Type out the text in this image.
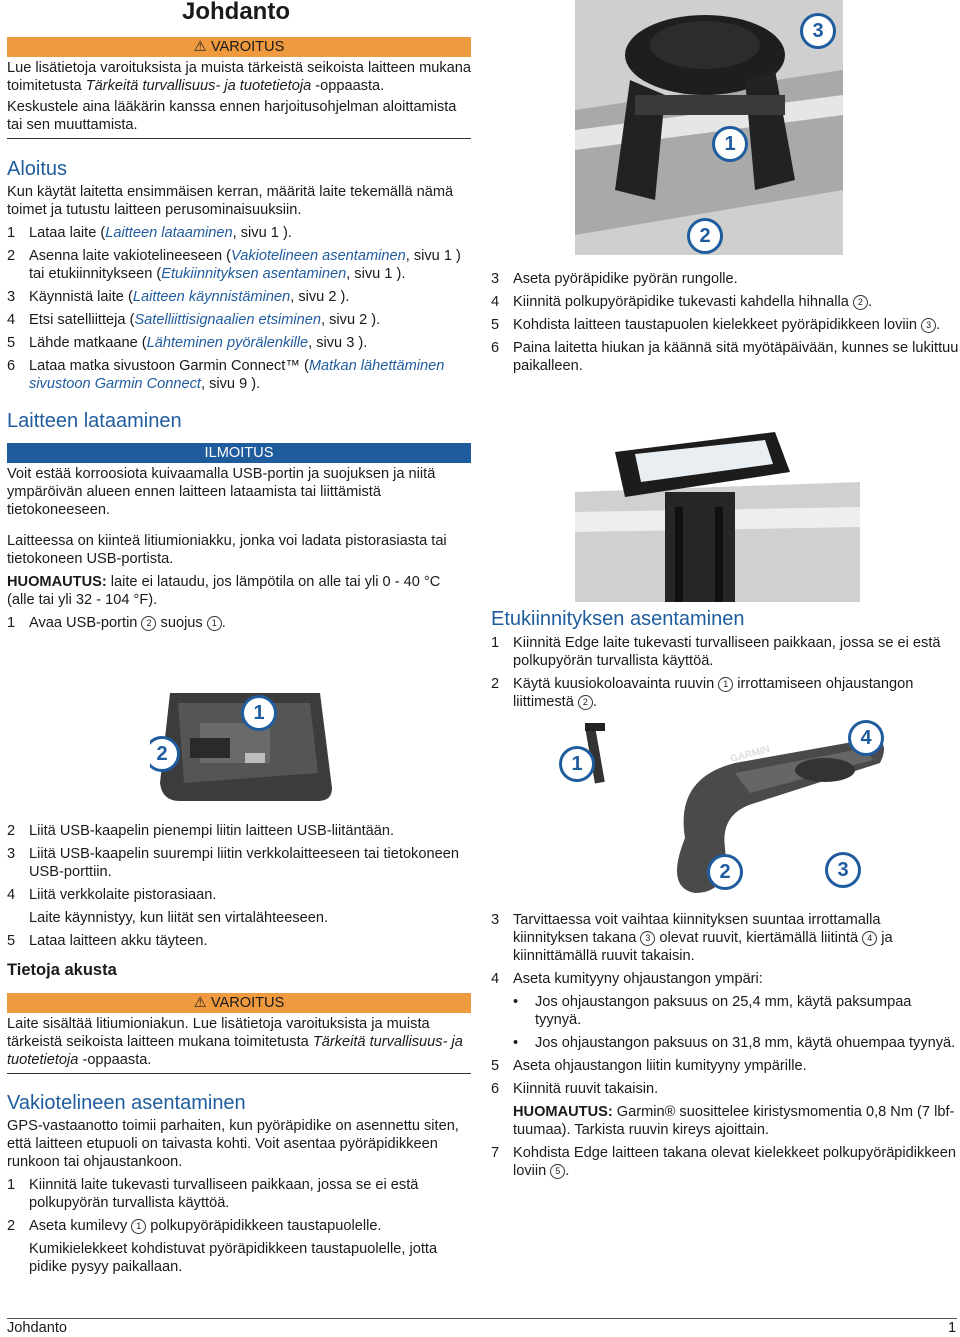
Johdanto
⚠ VAROITUS
Lue lisätietoja varoituksista ja muista tärkeistä seikoista laitteen mukana toimitetusta Tärkeitä turvallisuus- ja tuotetietoja -oppaasta.
Keskustele aina lääkärin kanssa ennen harjoitusohjelman aloittamista tai sen muuttamista.
Aloitus
Kun käytät laitetta ensimmäisen kerran, määritä laite tekemällä nämä toimet ja tutustu laitteen perusominaisuuksiin.
1 Lataa laite (Laitteen lataaminen, sivu 1 ).
2 Asenna laite vakiotelineeseen (Vakiotelineen asentaminen, sivu 1 ) tai etukiinnitykseen (Etukiinnityksen asentaminen, sivu 1 ).
3 Käynnistä laite (Laitteen käynnistäminen, sivu 2 ).
4 Etsi satelliitteja (Satelliittisignaalien etsiminen, sivu 2 ).
5 Lähde matkaane (Lähteminen pyörälenkille, sivu 3 ).
6 Lataa matka sivustoon Garmin Connect™ (Matkan lähettäminen sivustoon Garmin Connect, sivu 9 ).
Laitteen lataaminen
ILMOITUS
Voit estää korroosiota kuivaamalla USB-portin ja suojuksen ja niitä ympäröivän alueen ennen laitteen lataamista tai liittämistä tietokoneeseen.
Laitteessa on kiinteä litiumioniakku, jonka voi ladata pistorasiasta tai tietokoneen USB-portista.
HUOMAUTUS: laite ei lataudu, jos lämpötila on alle tai yli 0 - 40 °C (alle tai yli 32 - 104 °F).
1 Avaa USB-portin 2 suojus 1 .
1
2
2 Liitä USB-kaapelin pienempi liitin laitteen USB-liitäntään.
3 Liitä USB-kaapelin suurempi liitin verkkolaitteeseen tai tietokoneen USB-porttiin.
4 Liitä verkkolaite pistorasiaan.
Laite käynnistyy, kun liität sen virtalähteeseen.
5 Lataa laitteen akku täyteen.
Tietoja akusta
⚠ VAROITUS
Laite sisältää litiumioniakun. Lue lisätietoja varoituksista ja muista tärkeistä seikoista laitteen mukana toimitetusta Tärkeitä turvallisuus- ja tuotetietoja -oppaasta.
Vakiotelineen asentaminen
GPS-vastaanotto toimii parhaiten, kun pyöräpidike on asennettu siten, että laitteen etupuoli on taivasta kohti. Voit asentaa pyöräpidikkeen runkoon tai ohjaustankoon.
1 Kiinnitä laite tukevasti turvalliseen paikkaan, jossa se ei estä polkupyörän turvallista käyttöä.
2 Aseta kumilevy 1 polkupyöräpidikkeen taustapuolelle.
Kumikielekkeet kohdistuvat pyöräpidikkeen taustapuolelle, jotta pidike pysyy paikallaan.
1
2
3
3 Aseta pyöräpidike pyörän rungolle.
4 Kiinnitä polkupyöräpidike tukevasti kahdella hihnalla 2 .
5 Kohdista laitteen taustapuolen kielekkeet pyöräpidikkeen loviin 3 .
6 Paina laitetta hiukan ja käännä sitä myötäpäivään, kunnes se lukittuu paikalleen.
Etukiinnityksen asentaminen
1 Kiinnitä Edge laite tukevasti turvalliseen paikkaan, jossa se ei estä polkupyörän turvallista käyttöä.
2 Käytä kuusiokoloavainta ruuvin 1 irrottamiseen ohjaustangon liittimestä 2 .
GARMIN
1
2	3
4
3 Tarvittaessa voit vaihtaa kiinnityksen suuntaa irrottamalla kiinnityksen takana 3 olevat ruuvit, kiertämällä liitintä 4 ja kiinnittämällä ruuvit takaisin.
4 Aseta kumityyny ohjaustangon ympäri:
• Jos ohjaustangon paksuus on 25,4 mm, käytä paksumpaa tyynyä.
• Jos ohjaustangon paksuus on 31,8 mm, käytä ohuempaa tyynyä.
5 Aseta ohjaustangon liitin kumityyny ympärille.
6 Kiinnitä ruuvit takaisin.
HUOMAUTUS: Garmin® suosittelee kiristysmomentia 0,8 Nm (7 lbf-tuumaa). Tarkista ruuvin kireys ajoittain.
7 Kohdista Edge laitteen takana olevat kielekkeet polkupyöräpidikkeen loviin 5 .
Johdanto	1
